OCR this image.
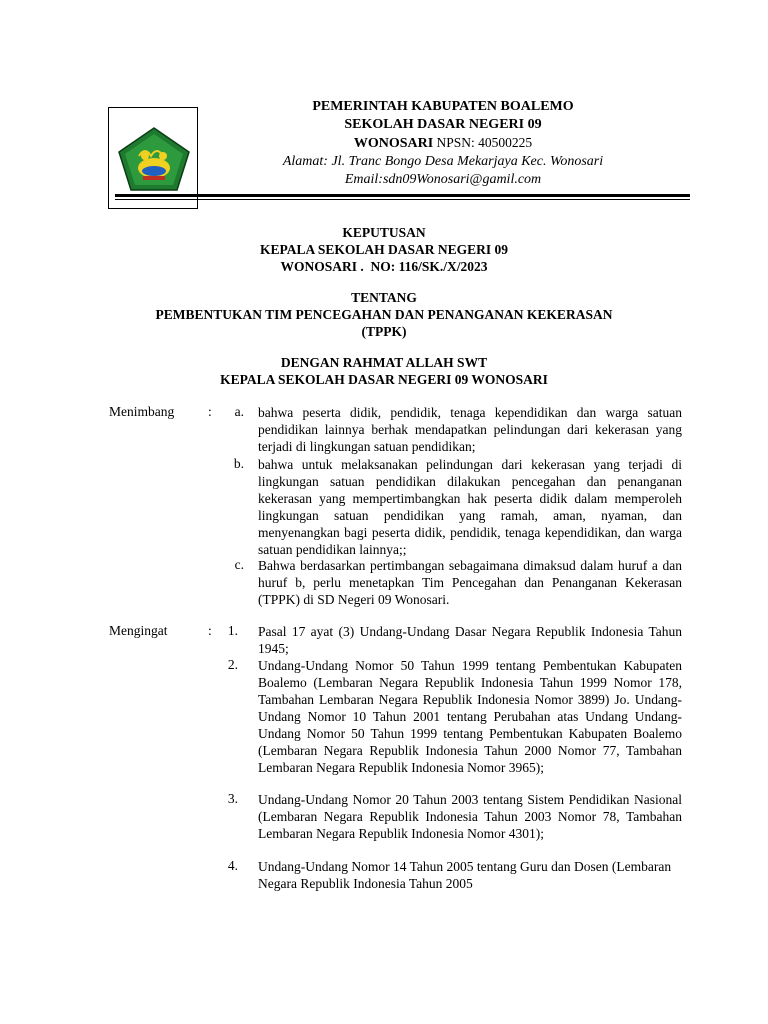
PEMERINTAH KABUPATEN BOALEMO
SEKOLAH DASAR NEGERI 09
WONOSARI NPSN: 40500225
Alamat: Jl. Tranc Bongo Desa Mekarjaya Kec. Wonosari
Email:sdn09Wonosari@gamil.com
KEPUTUSAN
KEPALA SEKOLAH DASAR NEGERI 09
WONOSARI .  NO: 116/SK./X/2023
TENTANG
PEMBENTUKAN TIM PENCEGAHAN DAN PENANGANAN KEKERASAN
(TPPK)
DENGAN RAHMAT ALLAH SWT
KEPALA SEKOLAH DASAR NEGERI 09 WONOSARI
Menimbang	:	a. bahwa peserta didik, pendidik, tenaga kependidikan dan warga satuan pendidikan lainnya berhak mendapatkan pelindungan dari kekerasan yang terjadi di lingkungan satuan pendidikan;
b. bahwa untuk melaksanakan pelindungan dari kekerasan yang terjadi di lingkungan satuan pendidikan dilakukan pencegahan dan penanganan kekerasan yang mempertimbangkan hak peserta didik dalam memperoleh lingkungan satuan pendidikan yang ramah, aman, nyaman, dan menyenangkan bagi peserta didik, pendidik, tenaga kependidikan, dan warga satuan pendidikan lainnya;;
c. Bahwa berdasarkan pertimbangan sebagaimana dimaksud dalam huruf a dan huruf b, perlu menetapkan Tim Pencegahan dan Penanganan Kekerasan (TPPK) di SD Negeri 09 Wonosari.
Mengingat	:	1. Pasal 17 ayat (3) Undang-Undang Dasar Negara Republik Indonesia Tahun 1945;
2. Undang-Undang Nomor 50 Tahun 1999 tentang Pembentukan Kabupaten Boalemo (Lembaran Negara Republik Indonesia Tahun 1999 Nomor 178, Tambahan Lembaran Negara Republik Indonesia Nomor 3899) Jo. Undang-Undang Nomor 10 Tahun 2001 tentang Perubahan atas Undang Undang-Undang Nomor 50 Tahun 1999 tentang Pembentukan Kabupaten Boalemo (Lembaran Negara Republik Indonesia Tahun 2000 Nomor 77, Tambahan Lembaran Negara Republik Indonesia Nomor 3965);
3. Undang-Undang Nomor 20 Tahun 2003 tentang Sistem Pendidikan Nasional (Lembaran Negara Republik Indonesia Tahun 2003 Nomor 78, Tambahan Lembaran Negara Republik Indonesia Nomor 4301);
4. Undang-Undang Nomor 14 Tahun 2005 tentang Guru dan Dosen (Lembaran Negara Republik Indonesia Tahun 2005
